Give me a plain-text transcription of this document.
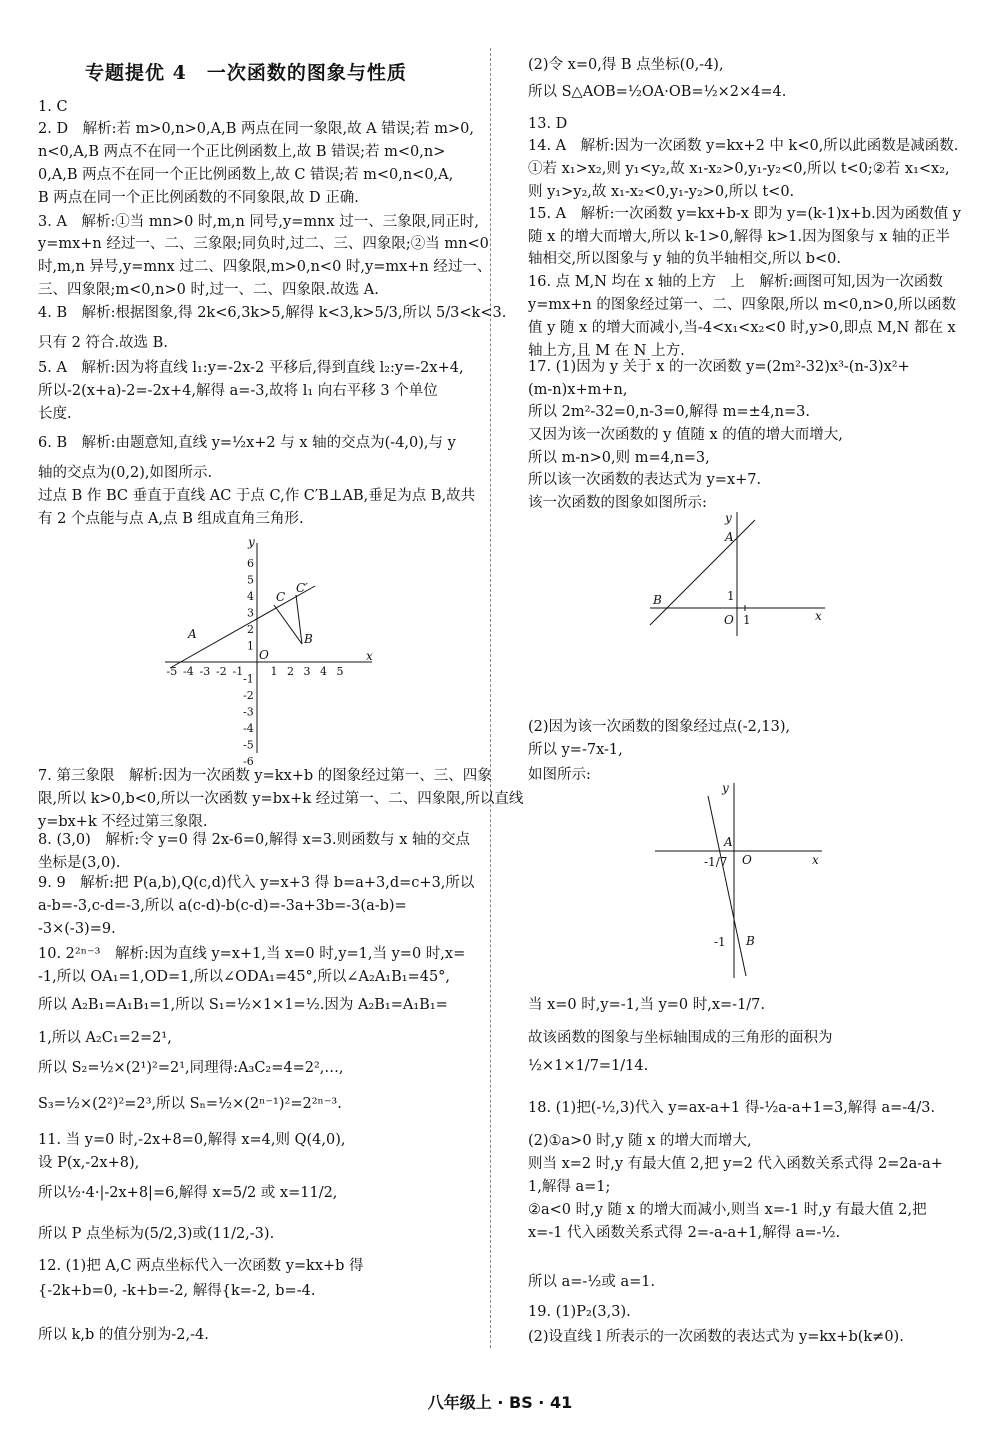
专题提优 4　一次函数的图象与性质
1. C
2. D　解析:若 m>0,n>0,A,B 两点在同一象限,故 A 错误;若 m>0,
n<0,A,B 两点不在同一个正比例函数上,故 B 错误;若 m<0,n>
0,A,B 两点不在同一个正比例函数上,故 C 错误;若 m<0,n<0,A,
B 两点在同一个正比例函数的不同象限,故 D 正确.
3. A　解析:①当 mn>0 时,m,n 同号,y=mnx 过一、三象限,同正时,
y=mx+n 经过一、二、三象限;同负时,过二、三、四象限;②当 mn<0
时,m,n 异号,y=mnx 过二、四象限,m>0,n<0 时,y=mx+n 经过一、
三、四象限;m<0,n>0 时,过一、二、四象限.故选 A.
4. B　解析:根据图象,得 2k<6,3k>5,解得 k<3,k>5/3,所以 5/3<k<3.
只有 2 符合.故选 B.
5. A　解析:因为将直线 l₁:y=-2x-2 平移后,得到直线 l₂:y=-2x+4,
所以-2(x+a)-2=-2x+4,解得 a=-3,故将 l₁ 向右平移 3 个单位
长度.
6. B　解析:由题意知,直线 y=½x+2 与 x 轴的交点为(-4,0),与 y
轴的交点为(0,2),如图所示.
过点 B 作 BC 垂直于直线 AC 于点 C,作 C′B⊥AB,垂足为点 B,故共
有 2 个点能与点 A,点 B 组成直角三角形.
7. 第三象限　解析:因为一次函数 y=kx+b 的图象经过第一、三、四象
限,所以 k>0,b<0,所以一次函数 y=bx+k 经过第一、二、四象限,所以直线
y=bx+k 不经过第三象限.
8. (3,0)　解析:令 y=0 得 2x-6=0,解得 x=3.则函数与 x 轴的交点
坐标是(3,0).
9. 9　解析:把 P(a,b),Q(c,d)代入 y=x+3 得 b=a+3,d=c+3,所以
a-b=-3,c-d=-3,所以 a(c-d)-b(c-d)=-3a+3b=-3(a-b)=
-3×(-3)=9.
10. 2²ⁿ⁻³　解析:因为直线 y=x+1,当 x=0 时,y=1,当 y=0 时,x=
-1,所以 OA₁=1,OD=1,所以∠ODA₁=45°,所以∠A₂A₁B₁=45°,
所以 A₂B₁=A₁B₁=1,所以 S₁=½×1×1=½.因为 A₂B₁=A₁B₁=
1,所以 A₂C₁=2=2¹,
所以 S₂=½×(2¹)²=2¹,同理得:A₃C₂=4=2²,…,
S₃=½×(2²)²=2³,所以 Sₙ=½×(2ⁿ⁻¹)²=2²ⁿ⁻³.
11. 当 y=0 时,-2x+8=0,解得 x=4,则 Q(4,0),
设 P(x,-2x+8),
所以½·4·|-2x+8|=6,解得 x=5/2 或 x=11/2,
所以 P 点坐标为(5/2,3)或(11/2,-3).
12. (1)把 A,C 两点坐标代入一次函数 y=kx+b 得
{-2k+b=0, -k+b=-2, 解得{k=-2, b=-4.
所以 k,b 的值分别为-2,-4.
(2)令 x=0,得 B 点坐标(0,-4),
所以 S△AOB=½OA·OB=½×2×4=4.
13. D
14. A　解析:因为一次函数 y=kx+2 中 k<0,所以此函数是减函数.
①若 x₁>x₂,则 y₁<y₂,故 x₁-x₂>0,y₁-y₂<0,所以 t<0;②若 x₁<x₂,
则 y₁>y₂,故 x₁-x₂<0,y₁-y₂>0,所以 t<0.
15. A　解析:一次函数 y=kx+b-x 即为 y=(k-1)x+b.因为函数值 y
随 x 的增大而增大,所以 k-1>0,解得 k>1.因为图象与 x 轴的正半
轴相交,所以图象与 y 轴的负半轴相交,所以 b<0.
16. 点 M,N 均在 x 轴的上方　上　解析:画图可知,因为一次函数
y=mx+n 的图象经过第一、二、四象限,所以 m<0,n>0,所以函数
值 y 随 x 的增大而减小,当-4<x₁<x₂<0 时,y>0,即点 M,N 都在 x
轴上方,且 M 在 N 上方.
17. (1)因为 y 关于 x 的一次函数 y=(2m²-32)x³-(n-3)x²+
(m-n)x+m+n,
所以 2m²-32=0,n-3=0,解得 m=±4,n=3.
又因为该一次函数的 y 值随 x 的值的增大而增大,
所以 m-n>0,则 m=4,n=3,
所以该一次函数的表达式为 y=x+7.
该一次函数的图象如图所示:
(2)因为该一次函数的图象经过点(-2,13),
所以 y=-7x-1,
如图所示:
当 x=0 时,y=-1,当 y=0 时,x=-1/7.
故该函数的图象与坐标轴围成的三角形的面积为
½×1×1/7=1/14.
18. (1)把(-½,3)代入 y=ax-a+1 得-½a-a+1=3,解得 a=-4/3.
(2)①a>0 时,y 随 x 的增大而增大,
则当 x=2 时,y 有最大值 2,把 y=2 代入函数关系式得 2=2a-a+
1,解得 a=1;
②a<0 时,y 随 x 的增大而减小,则当 x=-1 时,y 有最大值 2,把
x=-1 代入函数关系式得 2=-a-a+1,解得 a=-½.
所以 a=-½或 a=1.
19. (1)P₂(3,3).
(2)设直线 l 所表示的一次函数的表达式为 y=kx+b(k≠0).
A	B
C
C′
O	x
y
-5 -4 -3 -2 -1 1 2 3 4 5
6
5
4
3
2
1
-1
-2
-3
-4
-5
-6
A
B
O 1
1
x
y
A
B
O
-1/7
-1
x
y
八年级上 · BS · 41
